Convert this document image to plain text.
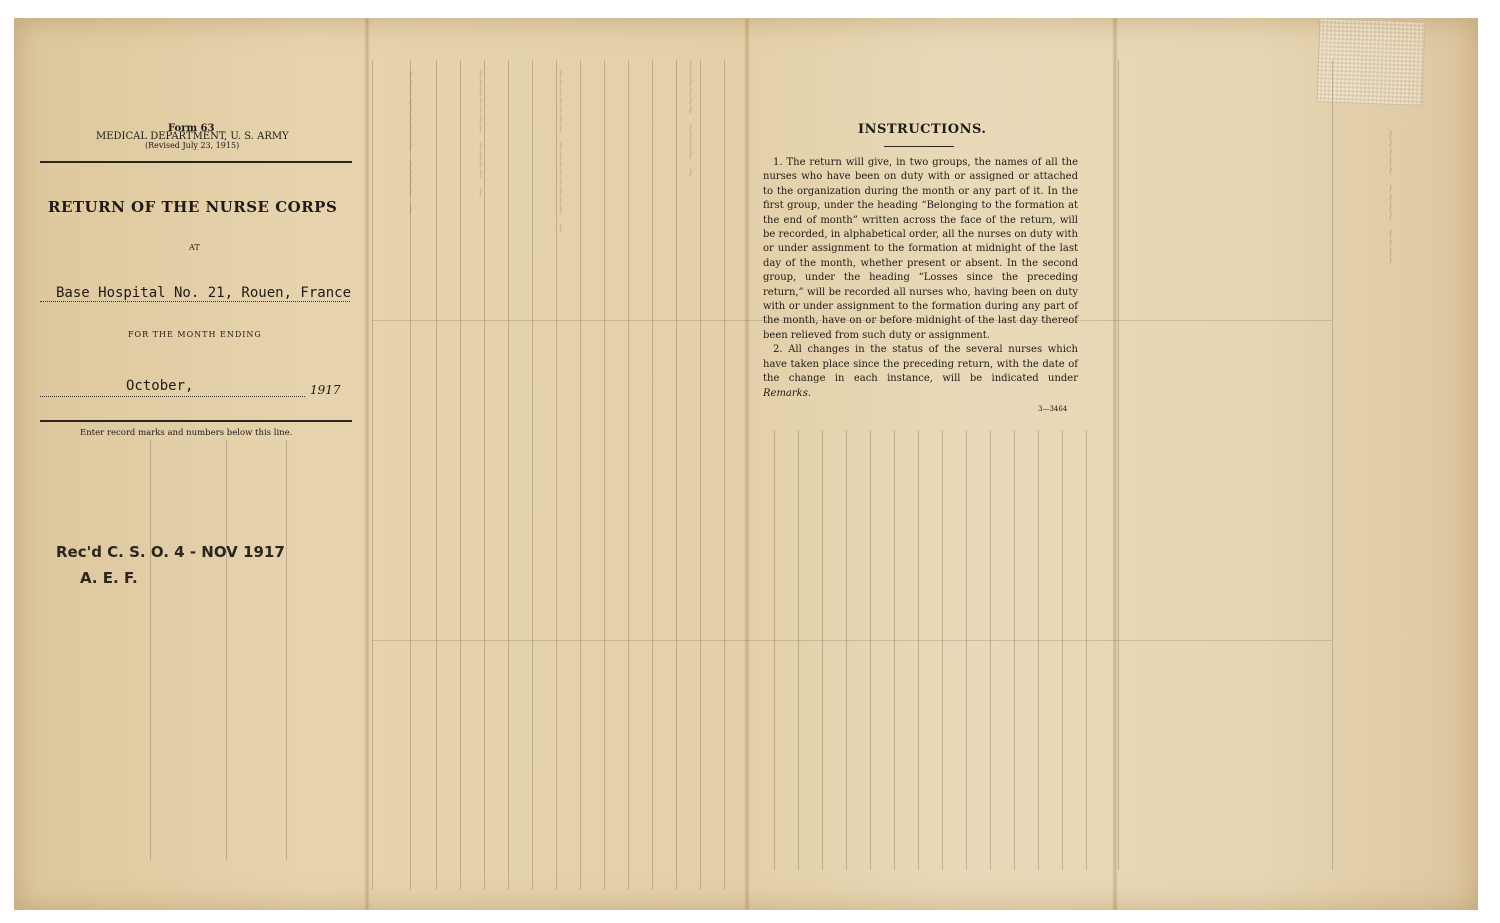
~~~~~~ ~~~~ ~
~~~~~~~ ~~~~~~~~ ~
~~~~~~~ ~~~~ ~
~~~~~~~~~ ~~~~ ~	~~~~~ ~~~~ ~~~~
Form 63
MEDICAL DEPARTMENT, U. S. ARMY
(Revised July 23, 1915)
RETURN OF THE NURSE CORPS
AT
Base Hospital No. 21, Rouen, France
FOR THE MONTH ENDING
October,	1917
Enter record marks and numbers below this line.
Rec'd C. S. O. 4 - NOV 1917
A. E. F.
INSTRUCTIONS.

1. The return will give, in two groups, the names of all the nurses who have been on duty with or assigned or attached to the organization during the month or any part of it. In the first group, under the heading “Belonging to the formation at the end of month” written across the face of the return, will be recorded, in alphabetical order, all the nurses on duty with or under assignment to the formation at midnight of the last day of the month, whether present or absent. In the second group, under the heading “Losses since the preceding return,” will be recorded all nurses who, having been on duty with or under assignment to the formation during any part of the month, have on or before midnight of the last day thereof been relieved from such duty or assignment.

2. All changes in the status of the several nurses which have taken place since the preceding return, with the date of the change in each instance, will be indicated under Remarks.

3—3464
